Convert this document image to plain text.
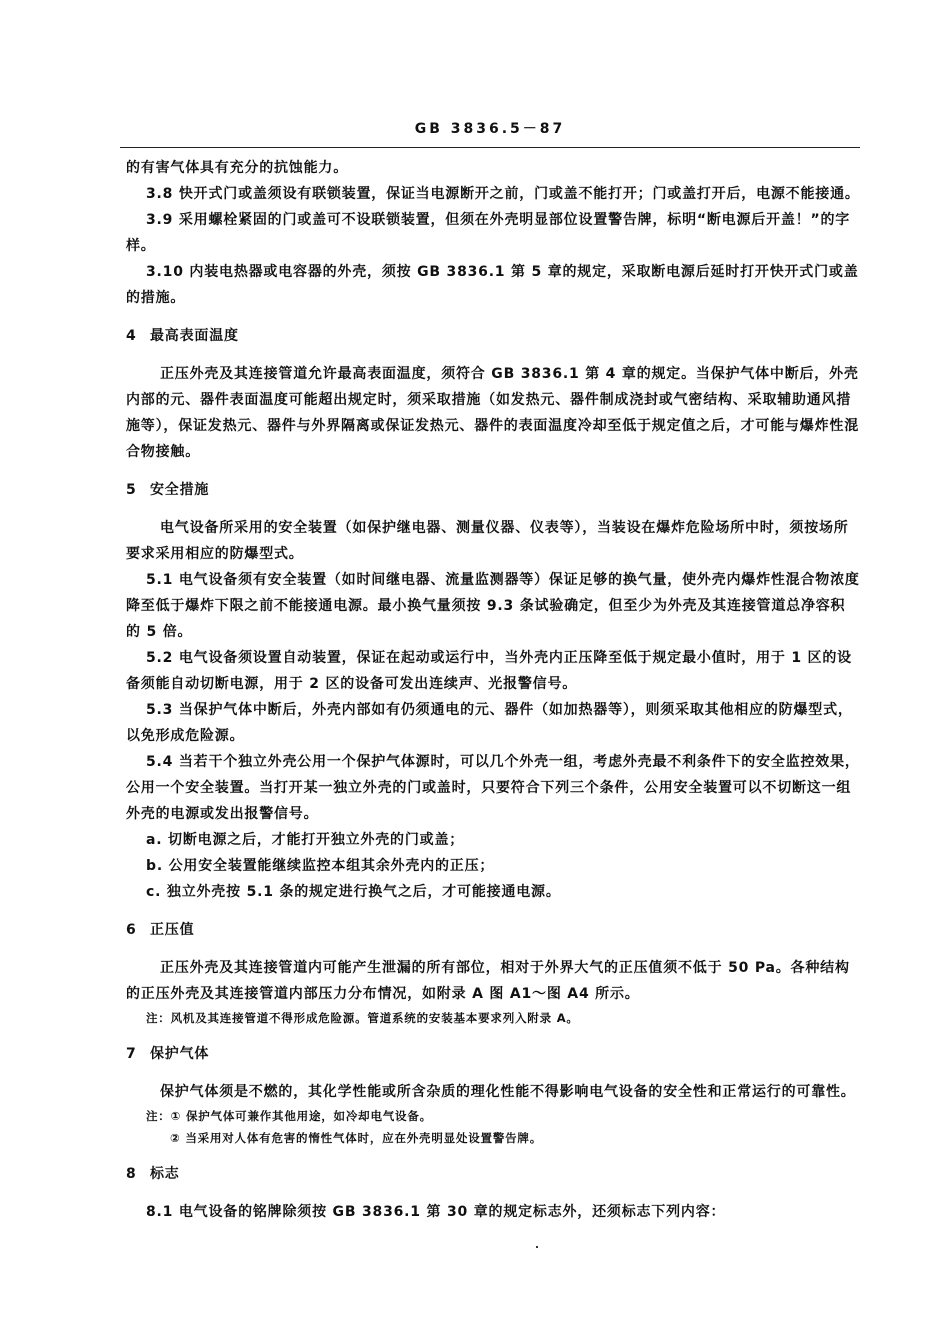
GB 3836.5－87

的有害气体具有充分的抗蚀能力。

3.8 快开式门或盖须设有联锁装置，保证当电源断开之前，门或盖不能打开；门或盖打开后，电源不能接通。

3.9 采用螺栓紧固的门或盖可不设联锁装置，但须在外壳明显部位设置警告牌，标明“断电源后开盖！”的字样。

3.10 内装电热器或电容器的外壳，须按 GB 3836.1 第 5 章的规定，采取断电源后延时打开快开式门或盖的措施。

4 最高表面温度

正压外壳及其连接管道允许最高表面温度，须符合 GB 3836.1 第 4 章的规定。当保护气体中断后，外壳内部的元、器件表面温度可能超出规定时，须采取措施（如发热元、器件制成浇封或气密结构、采取辅助通风措施等），保证发热元、器件与外界隔离或保证发热元、器件的表面温度冷却至低于规定值之后，才可能与爆炸性混合物接触。

5 安全措施

电气设备所采用的安全装置（如保护继电器、测量仪器、仪表等），当装设在爆炸危险场所中时，须按场所要求采用相应的防爆型式。

5.1 电气设备须有安全装置（如时间继电器、流量监测器等）保证足够的换气量，使外壳内爆炸性混合物浓度降至低于爆炸下限之前不能接通电源。最小换气量须按 9.3 条试验确定，但至少为外壳及其连接管道总净容积的 5 倍。

5.2 电气设备须设置自动装置，保证在起动或运行中，当外壳内正压降至低于规定最小值时，用于 1 区的设备须能自动切断电源，用于 2 区的设备可发出连续声、光报警信号。

5.3 当保护气体中断后，外壳内部如有仍须通电的元、器件（如加热器等），则须采取其他相应的防爆型式，以免形成危险源。

5.4 当若干个独立外壳公用一个保护气体源时，可以几个外壳一组，考虑外壳最不利条件下的安全监控效果，公用一个安全装置。当打开某一独立外壳的门或盖时，只要符合下列三个条件，公用安全装置可以不切断这一组外壳的电源或发出报警信号。

a. 切断电源之后，才能打开独立外壳的门或盖；

b. 公用安全装置能继续监控本组其余外壳内的正压；

c. 独立外壳按 5.1 条的规定进行换气之后，才可能接通电源。

6 正压值

正压外壳及其连接管道内可能产生泄漏的所有部位，相对于外界大气的正压值须不低于 50 Pa。各种结构的正压外壳及其连接管道内部压力分布情况，如附录 A 图 A1～图 A4 所示。

注：风机及其连接管道不得形成危险源。管道系统的安装基本要求列入附录 A。

7 保护气体

保护气体须是不燃的，其化学性能或所含杂质的理化性能不得影响电气设备的安全性和正常运行的可靠性。

注：① 保护气体可兼作其他用途，如冷却电气设备。

② 当采用对人体有危害的惰性气体时，应在外壳明显处设置警告牌。

8 标志

8.1 电气设备的铭牌除须按 GB 3836.1 第 30 章的规定标志外，还须标志下列内容：
